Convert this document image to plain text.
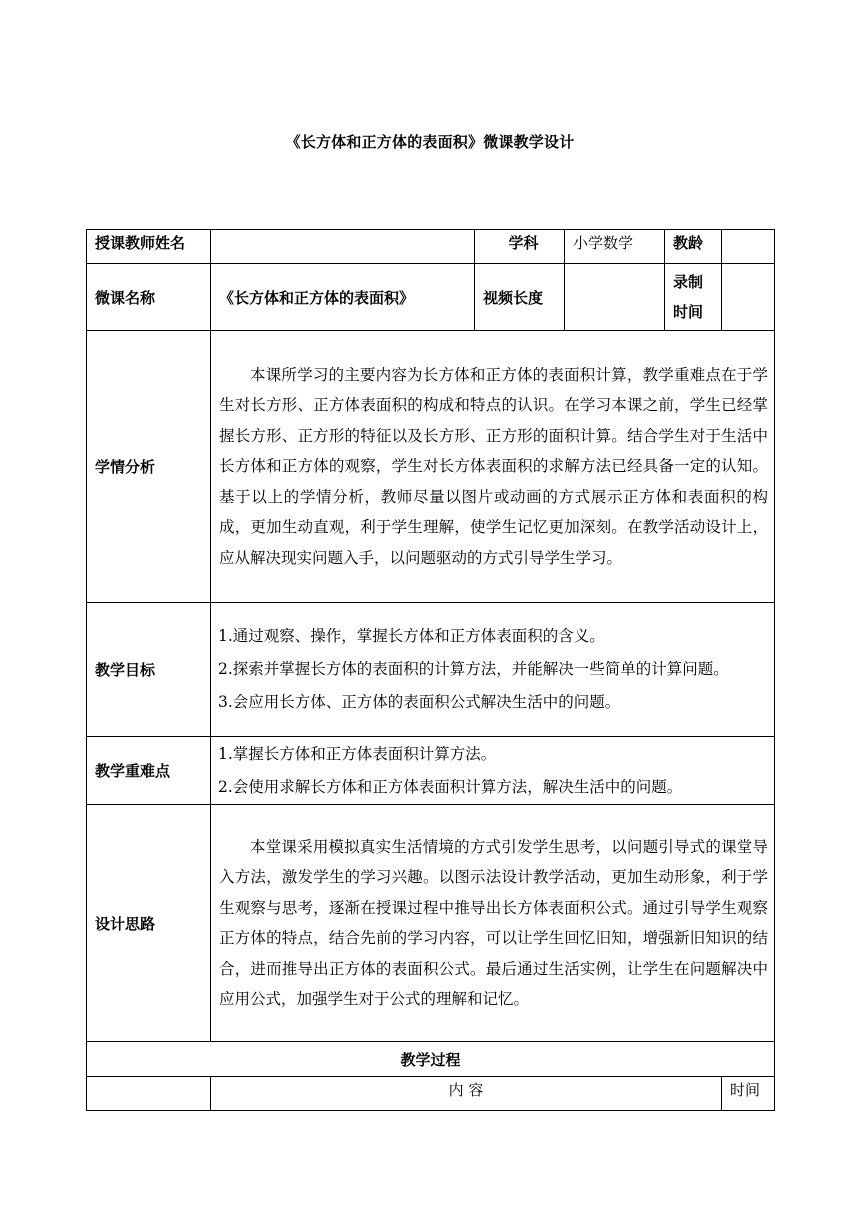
《长方体和正方体的表面积》微课教学设计
授课教师姓名		学科	小学数学	教龄	
微课名称	《长方体和正方体的表面积》	视频长度		录制
时间	

学情分析	本课所学习的主要内容为长方体和正方体的表面积计算，教学重难点在于学生对长方形、正方体表面积的构成和特点的认识。在学习本课之前，学生已经掌握长方形、正方形的特征以及长方形、正方形的面积计算。结合学生对于生活中长方体和正方体的观察，学生对长方体表面积的求解方法已经具备一定的认知。基于以上的学情分析，教师尽量以图片或动画的方式展示正方体和表面积的构成，更加生动直观，利于学生理解，使学生记忆更加深刻。在教学活动设计上，应从解决现实问题入手，以问题驱动的方式引导学生学习。				

教学目标	1.通过观察、操作，掌握长方体和正方体表面积的含义。

2.探索并掌握长方体的表面积的计算方法，并能解决一些简单的计算问题。

3.会应用长方体、正方体的表面积公式解决生活中的问题。				

教学重难点	1.掌握长方体和正方体表面积计算方法。

2.会使用求解长方体和正方体表面积计算方法，解决生活中的问题。				

设计思路	本堂课采用模拟真实生活情境的方式引发学生思考，以问题引导式的课堂导入方法，激发学生的学习兴趣。以图示法设计教学活动，更加生动形象，利于学生观察与思考，逐渐在授课过程中推导出长方体表面积公式。通过引导学生观察正方体的特点，结合先前的学习内容，可以让学生回忆旧知，增强新旧知识的结合，进而推导出正方体的表面积公式。最后通过生活实例，让学生在问题解决中应用公式，加强学生对于公式的理解和记忆。				

教学过程					
	内 容				时间
